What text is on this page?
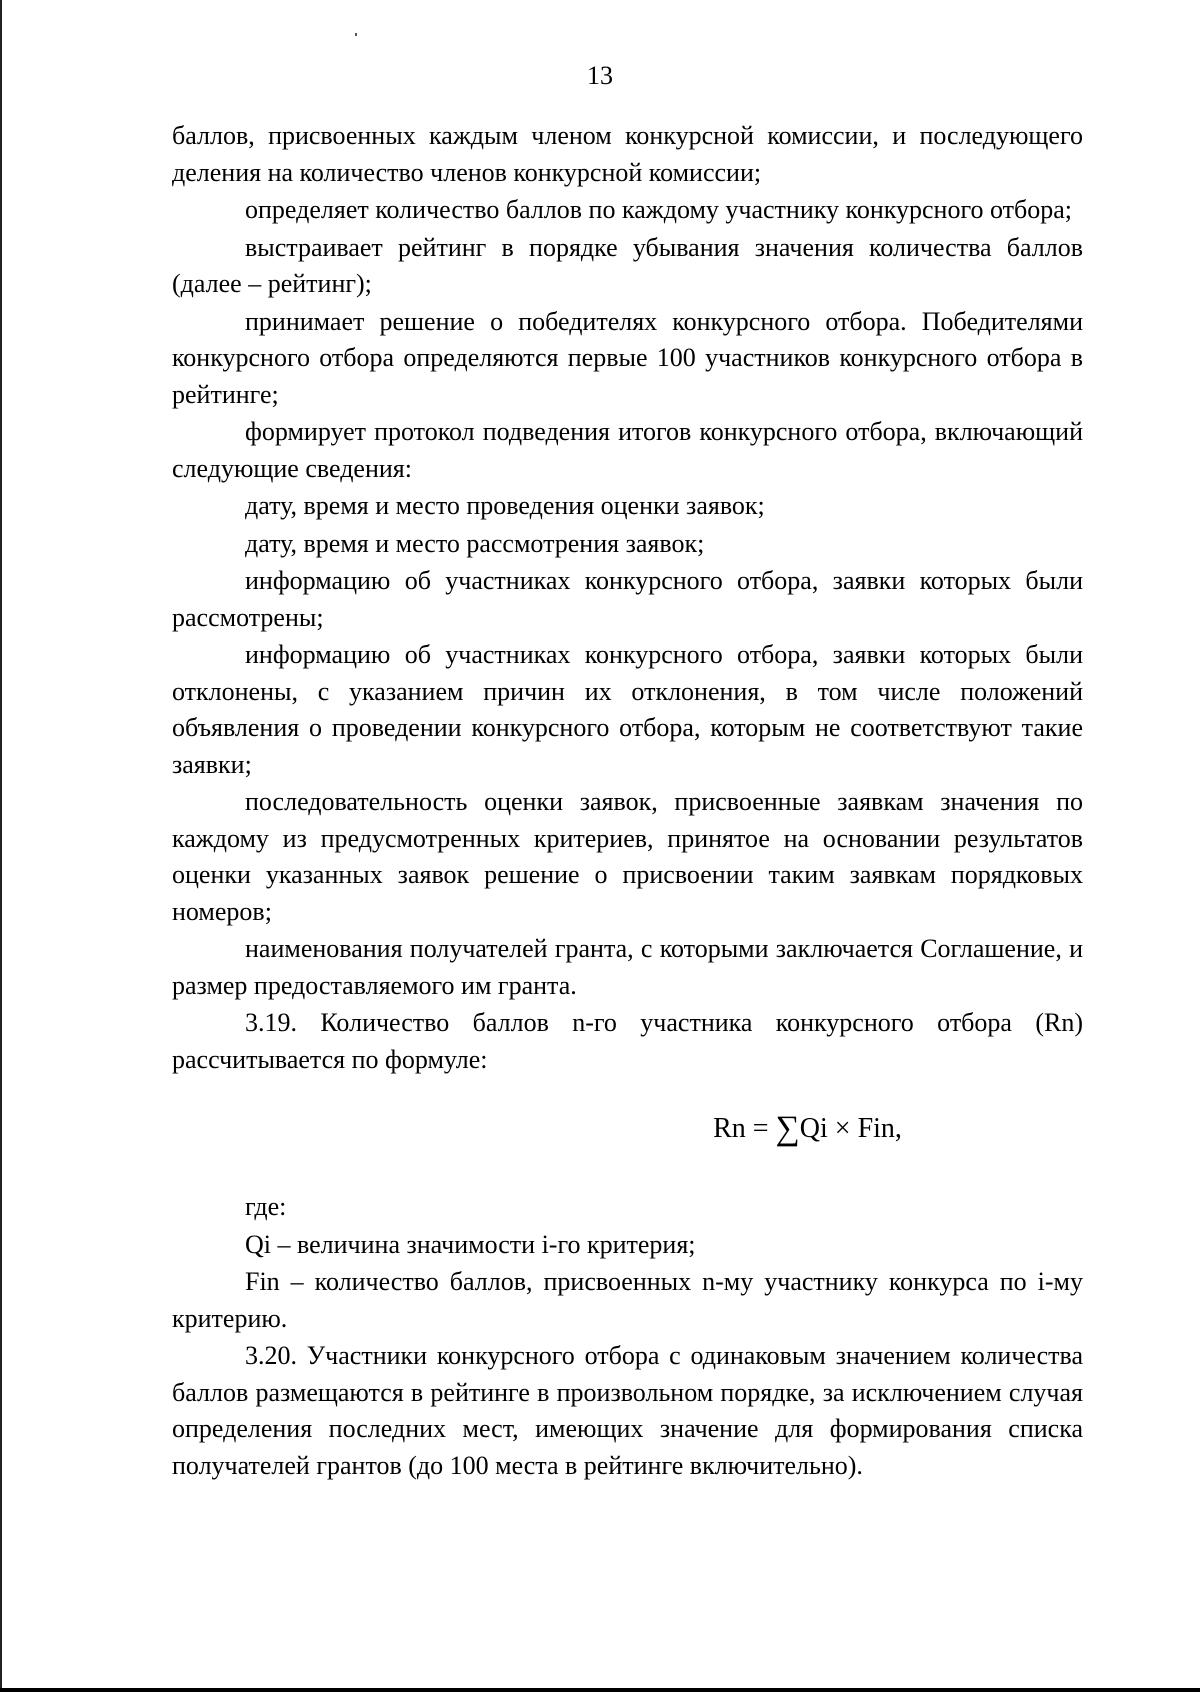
13

баллов, присвоенных каждым членом конкурсной комиссии, и последующего деления на количество членов конкурсной комиссии;

определяет количество баллов по каждому участнику конкурсного отбора;

выстраивает рейтинг в порядке убывания значения количества баллов (далее – рейтинг);

принимает решение о победителях конкурсного отбора. Победителями конкурсного отбора определяются первые 100 участников конкурсного отбора в рейтинге;

формирует протокол подведения итогов конкурсного отбора, включающий следующие сведения:

дату, время и место проведения оценки заявок;

дату, время и место рассмотрения заявок;

информацию об участниках конкурсного отбора, заявки которых были рассмотрены;

информацию об участниках конкурсного отбора, заявки которых были отклонены, с указанием причин их отклонения, в том числе положений объявления о проведении конкурсного отбора, которым не соответствуют такие заявки;

последовательность оценки заявок, присвоенные заявкам значения по каждому из предусмотренных критериев, принятое на основании результатов оценки указанных заявок решение о присвоении таким заявкам порядковых номеров;

наименования получателей гранта, с которыми заключается Соглашение, и размер предоставляемого им гранта.

3.19. Количество баллов n-го участника конкурсного отбора (Rn) рассчитывается по формуле:

Rn = ∑Qi × Fin,

где:

Qi – величина значимости i-го критерия;

Fin – количество баллов, присвоенных n-му участнику конкурса по i-му критерию.

3.20. Участники конкурсного отбора с одинаковым значением количества баллов размещаются в рейтинге в произвольном порядке, за исключением случая определения последних мест, имеющих значение для формирования списка получателей грантов (до 100 места в рейтинге включительно).
